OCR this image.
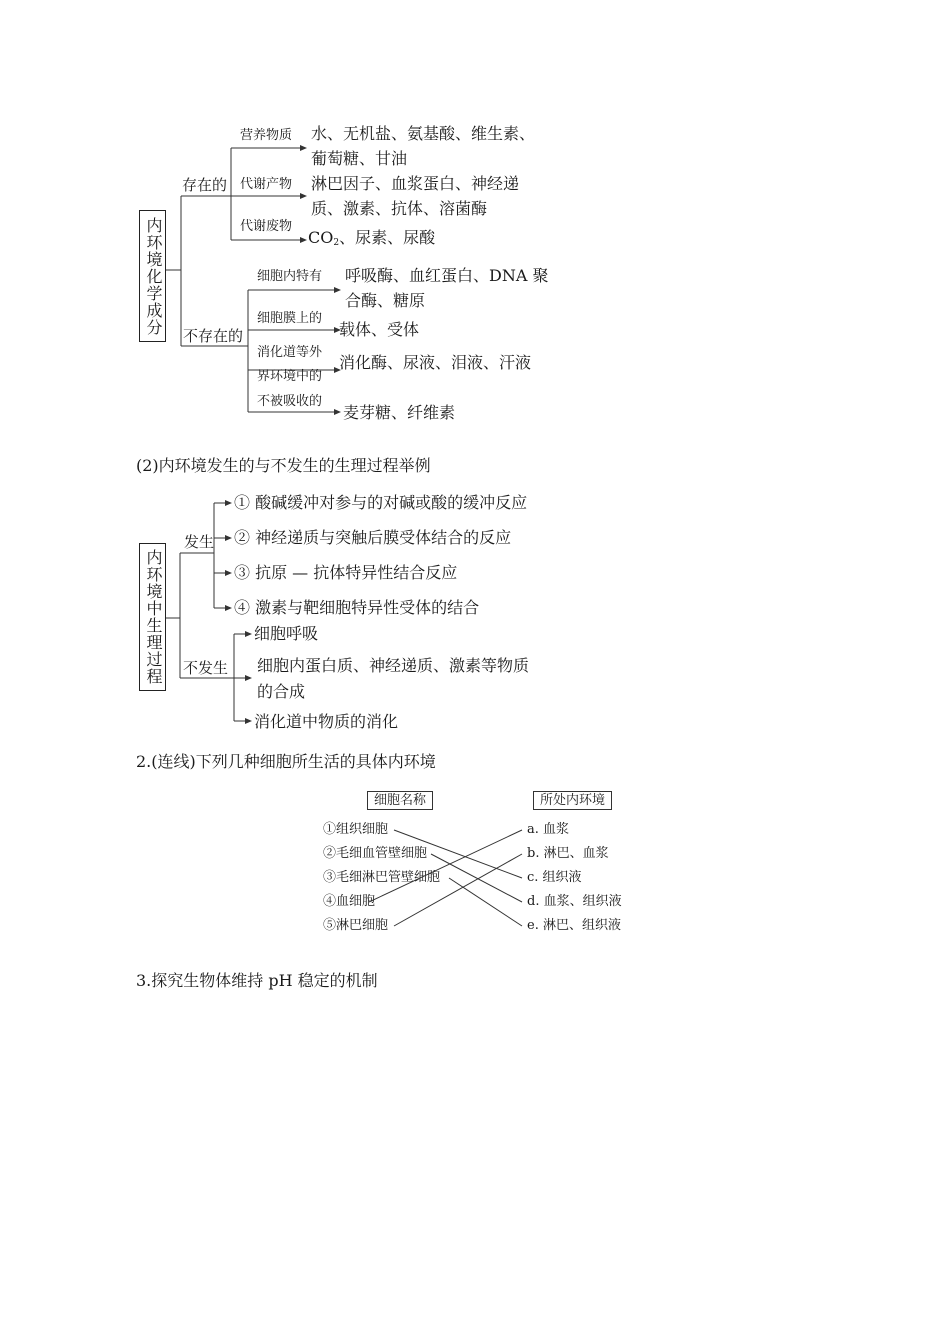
内环境化学成分
存在的
不存在的
营养物质 水、无机盐、氨基酸、维生素、
葡萄糖、甘油
代谢产物 淋巴因子、血浆蛋白、神经递
质、激素、抗体、溶菌酶
代谢废物
$CO_2$、尿素、尿酸
细胞内特有 呼吸酶、血红蛋白、DNA 聚
合酶、糖原
细胞膜上的
载体、受体
消化道等外
界环境中的
消化酶、尿液、泪液、汗液
不被吸收的
麦芽糖、纤维素
(2)内环境发生的与不发生的生理过程举例
内环境中生理过程
发生
不发生
① 酸碱缓冲对参与的对碱或酸的缓冲反应
② 神经递质与突触后膜受体结合的反应
③ 抗原 — 抗体特异性结合反应
④ 激素与靶细胞特异性受体的结合
细胞呼吸
细胞内蛋白质、神经递质、激素等物质
的合成
消化道中物质的消化
2.(连线)下列几种细胞所生活的具体内环境
细胞名称	所处内环境
①组织细胞
②毛细血管壁细胞
③毛细淋巴管壁细胞
④血细胞
⑤淋巴细胞
a. 血浆
b. 淋巴、血浆
c. 组织液
d. 血浆、组织液
e. 淋巴、组织液
3.探究生物体维持 pH 稳定的机制
